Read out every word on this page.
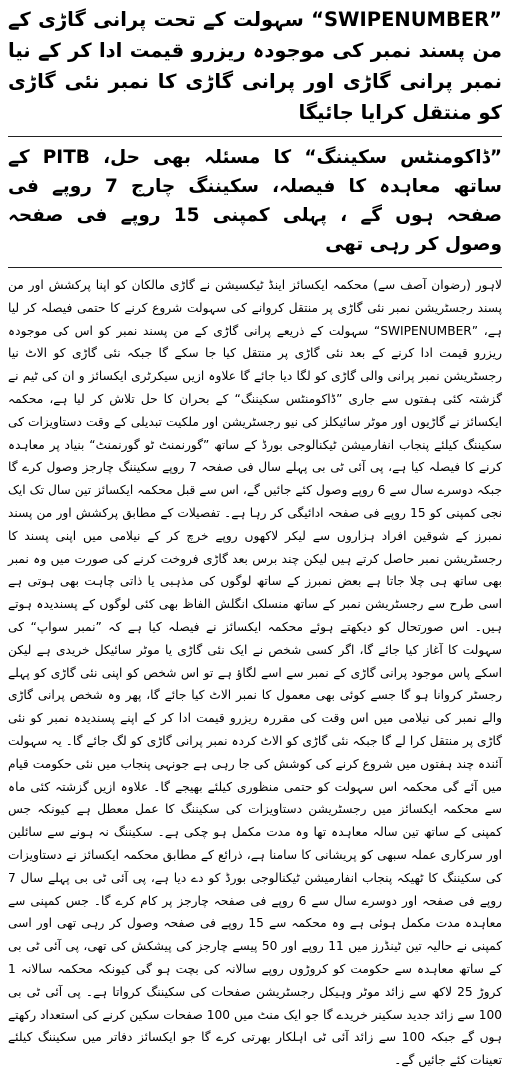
”SWIPENUMBER“ سہولت کے تحت پرانی گاڑی کے من پسند نمبر کی موجودہ ریزرو قیمت ادا کر کے نیا نمبر پرانی گاڑی اور پرانی گاڑی کا نمبر نئی گاڑی کو منتقل کرایا جائیگا
”ڈاکومنٹس سکیننگ“ کا مسئلہ بھی حل، PITB کے ساتھ معاہدہ کا فیصلہ، سکیننگ چارج 7 روپے فی صفحہ ہوں گے ، پہلی کمپنی 15 روپے فی صفحہ وصول کر رہی تھی

لاہور (رضوان آصف سے) محکمہ ایکسائز اینڈ ٹیکسیشن نے گاڑی مالکان کو اپنا پرکشش اور من پسند رجسٹریشن نمبر نئی گاڑی پر منتقل کروانے کی سہولت شروع کرنے کا حتمی فیصلہ کر لیا ہے، ”SWIPENUMBER“ سہولت کے ذریعے پرانی گاڑی کے من پسند نمبر کو اس کی موجودہ ریزرو قیمت ادا کرنے کے بعد نئی گاڑی پر منتقل کیا جا سکے گا جبکہ نئی گاڑی کو الاٹ نیا رجسٹریشن نمبر پرانی والی گاڑی کو لگا دیا جائے گا علاوہ ازیں سیکرٹری ایکسائز و ان کی ٹیم نے گزشتہ کئی ہفتوں سے جاری ”ڈاکومنٹس سکیننگ“ کے بحران کا حل تلاش کر لیا ہے، محکمہ ایکسائز نے گاڑیوں اور موٹر سائیکلز کی نیو رجسٹریشن اور ملکیت تبدیلی کے وقت دستاویزات کی سکیننگ کیلئے پنجاب انفارمیشن ٹیکنالوجی بورڈ کے ساتھ ”گورنمنٹ ٹو گورنمنٹ“ بنیاد پر معاہدہ کرنے کا فیصلہ کیا ہے، پی آئی ٹی بی پہلے سال فی صفحہ 7 روپے سکیننگ چارجز وصول کرے گا جبکہ دوسرے سال سے 6 روپے وصول کئے جائیں گے، اس سے قبل محکمہ ایکسائز تین سال تک ایک نجی کمپنی کو 15 روپے فی صفحہ ادائیگی کر رہا ہے۔ تفصیلات کے مطابق پرکشش اور من پسند نمبرز کے شوقین افراد ہزاروں سے لیکر لاکھوں روپے خرچ کر کے نیلامی میں اپنی پسند کا رجسٹریشن نمبر حاصل کرتے ہیں لیکن چند برس بعد گاڑی فروخت کرنے کی صورت میں وہ نمبر بھی ساتھ ہی چلا جاتا ہے بعض نمبرز کے ساتھ لوگوں کی مذہبی یا ذاتی چاہت بھی ہوتی ہے اسی طرح سے رجسٹریشن نمبر کے ساتھ منسلک انگلش الفاظ بھی کئی لوگوں کے پسندیدہ ہوتے ہیں۔ اس صورتحال کو دیکھتے ہوئے محکمہ ایکسائز نے فیصلہ کیا ہے کہ ”نمبر سواپ“ کی سہولت کا آغاز کیا جائے گا، اگر کسی شخص نے ایک نئی گاڑی یا موٹر سائیکل خریدی ہے لیکن اسکے پاس موجود پرانی گاڑی کے نمبر سے اسے لگاؤ ہے تو اس شخص کو اپنی نئی گاڑی کو پہلے رجسٹر کروانا ہو گا جسے کوئی بھی معمول کا نمبر الاٹ کیا جائے گا، پھر وہ شخص پرانی گاڑی والے نمبر کی نیلامی میں اس وقت کی مقررہ ریزرو قیمت ادا کر کے اپنے پسندیدہ نمبر کو نئی گاڑی پر منتقل کرا لے گا جبکہ نئی گاڑی کو الاٹ کردہ نمبر پرانی گاڑی کو لگ جائے گا۔ یہ سہولت آئندہ چند ہفتوں میں شروع کرنے کی کوشش کی جا رہی ہے جونہی پنجاب میں نئی حکومت قیام میں آئے گی محکمہ اس سہولت کو حتمی منظوری کیلئے بھیجے گا۔ علاوہ ازیں گزشتہ کئی ماہ سے محکمہ ایکسائز میں رجسٹریشن دستاویزات کی سکیننگ کا عمل معطل ہے کیونکہ جس کمپنی کے ساتھ تین سالہ معاہدہ تھا وہ مدت مکمل ہو چکی ہے۔ سکیننگ نہ ہونے سے سائلین اور سرکاری عملہ سبھی کو پریشانی کا سامنا ہے، ذرائع کے مطابق محکمہ ایکسائز نے دستاویزات کی سکیننگ کا ٹھیکہ پنجاب انفارمیشن ٹیکنالوجی بورڈ کو دے دیا ہے، پی آئی ٹی بی پہلے سال 7 روپے فی صفحہ اور دوسرے سال سے 6 روپے فی صفحہ چارجز پر کام کرے گا۔ جس کمپنی سے معاہدہ مدت مکمل ہوئی ہے وہ محکمہ سے 15 روپے فی صفحہ وصول کر رہی تھی اور اسی کمپنی نے حالیہ تین ٹینڈرز میں 11 روپے اور 50 پیسے چارجز کی پیشکش کی تھی، پی آئی ٹی بی کے ساتھ معاہدہ سے حکومت کو کروڑوں روپے سالانہ کی بچت ہو گی کیونکہ محکمہ سالانہ 1 کروڑ 25 لاکھ سے زائد موٹر وہیکل رجسٹریشن صفحات کی سکیننگ کرواتا ہے۔ پی آئی ٹی بی 100 سے زائد جدید سکینر خریدے گا جو ایک منٹ میں 100 صفحات سکین کرنے کی استعداد رکھتے ہوں گے جبکہ 100 سے زائد آئی ٹی اہلکار بھرتی کرے گا جو ایکسائز دفاتر میں سکیننگ کیلئے تعینات کئے جائیں گے۔
